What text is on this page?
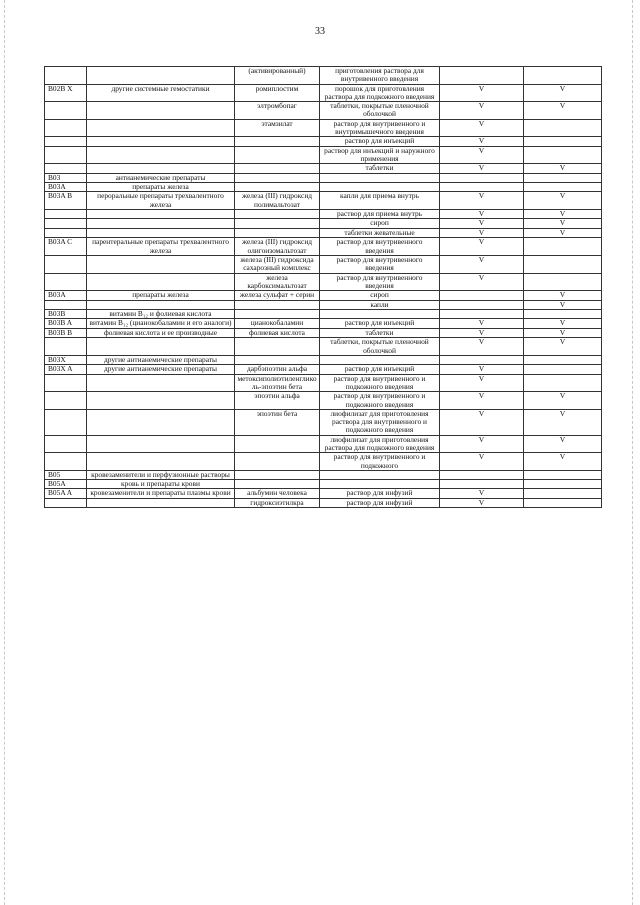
33
		(активированный)	приготовления раствора для внутривенного введения		
B02B X	другие системные гемостатики	ромиплостим	порошок для приготовления раствора для подкожного введения	V	V
		элтромбопаг	таблетки, покрытые пленочной оболочкой	V	V
		этамзилат	раствор для внутривенного и внутримышечного введения	V	
			раствор для инъекций	V	
			раствор для инъекций и наружного применения	V	
			таблетки	V	V
B03	антианемические препараты				
B03A	препараты железа				
B03A B	пероральные препараты трехвалентного железа	железа (III) гидроксид полимальтозат	капли для приема внутрь	V	V
			раствор для приема внутрь	V	V
			сироп	V	V
			таблетки жевательные	V	V
B03A C	парентеральные препараты трехвалентного железа	железа (III) гидроксид олигоизомальтозат	раствор для внутривенного введения	V	
		железа (III) гидроксида сахарозный комплекс	раствор для внутривенного введения	V	
		железа карбоксимальтозат	раствор для внутривенного введения	V	
B03A	препараты железа	железа сульфат + серин	сироп		V
			капли		V
B03B	витамин B₁₂ и фолиевая кислота				
B03B A	витамин B₁₂ (цианокобаламин и его аналоги)	цианокобаламин	раствор для инъекций	V	V
B03B B	фолиевая кислота и ее производные	фолиевая кислота	таблетки	V	V
			таблетки, покрытые пленочной оболочкой	V	V
B03X	другие антианемические препараты				
B03X A	другие антианемические препараты	дарбэпоэтин альфа	раствор для инъекций	V	
		метоксиполиэтиленгликоль-эпоэтин бета	раствор для внутривенного и подкожного введения	V	
		эпоэтин альфа	раствор для внутривенного и подкожного введения	V	V
		эпоэтин бета	лиофилизат для приготовления раствора для внутривенного и подкожного введения	V	V
			лиофилизат для приготовления раствора для подкожного введения	V	V
			раствор для внутривенного и подкожного	V	V
B05	кровезаменители и перфузионные растворы				
B05A	кровь и препараты крови				
B05A A	кровезаменители и препараты плазмы крови	альбумин человека	раствор для инфузий	V	
		гидроксиэтилкра	раствор для инфузий	V	
